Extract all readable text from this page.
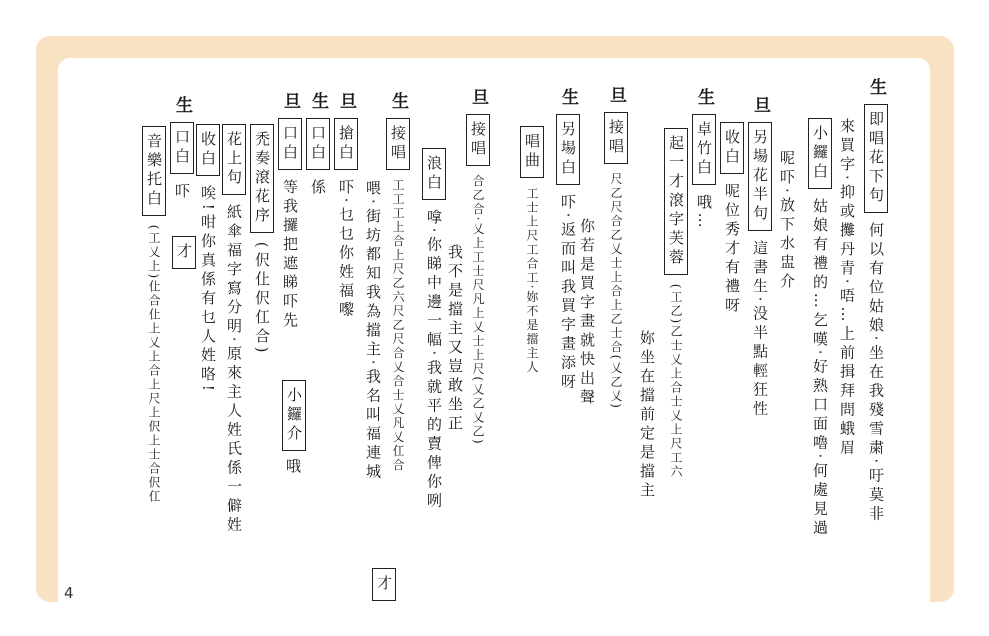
生 即唱花下句 何以有位姑娘‧坐在我殘雪粛‧吁莫非
來買字‧抑或攤丹青‧唔…上前揖拜問蛾眉
小鑼白 姑娘有禮的…乞嘆‧好熟口面嚕‧何處見過
呢吓‧放下水盅介
旦 另場花半句 這書生‧没半點輕狂性
收白 呢位秀才有禮呀
生 卓竹白 哦…
起一才滾字芙蓉 (工乙)乙士乂上合士乂上尺工六
妳坐在擋前定是擋主
旦 接唱 尺乙尺合乙乂士上合上乙士合(乂乙乂)
你若是買字畫就快出聲
生 另場白 吓‧返而叫我買字畫添呀
唱曲 工士上尺工合工‧妳不是擋主人
旦 接唱 合乙合‧乂上工士尺凡上乂士上尺(乂乙乂乙)
我不是擋主又豈敢坐正
浪白 嗱‧你睇中邊一幅‧我就平的賣俾你咧
生 接唱 工工工上合上尺乙六尺乙尺合乂合士乂凡乂仜合
喂‧街坊都知我為擋主‧我名叫福連城
旦 搶白 吓‧乜乜你姓福嚟
生 口白 係
旦 口白 等我攞把遮睇吓先
禿奏滾花序 (伬仩伬仜合)
花上句 紙傘福字寫分明‧原來主人姓氏係一僻姓
收白 唉!咁你真係有乜人姓咯!
生 口白 吓
音樂托白 (工乂上)仩合仩上乂上合上尺上伬上士合伬仜	小鑼介
哦
才
才
4
